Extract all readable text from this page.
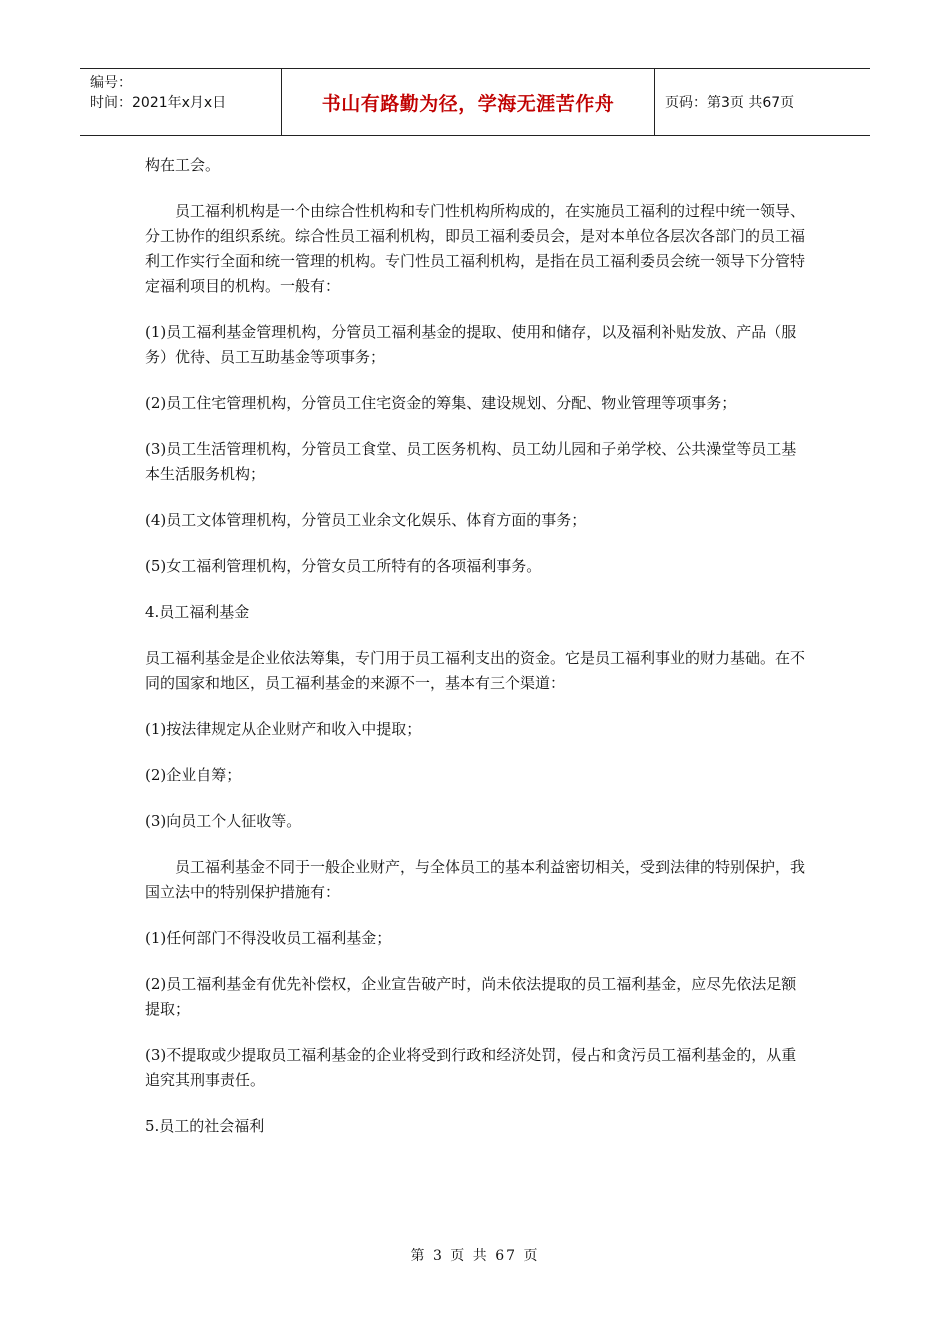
编号：
时间：2021年x月x日	书山有路勤为径，学海无涯苦作舟	页码：第3页 共67页

构在工会。

员工福利机构是一个由综合性机构和专门性机构所构成的，在实施员工福利的过程中统一领导、分工协作的组织系统。综合性员工福利机构，即员工福利委员会，是对本单位各层次各部门的员工福利工作实行全面和统一管理的机构。专门性员工福利机构，是指在员工福利委员会统一领导下分管特定福利项目的机构。一般有：

(1)员工福利基金管理机构，分管员工福利基金的提取、使用和储存，以及福利补贴发放、产品（服务）优待、员工互助基金等项事务；

(2)员工住宅管理机构，分管员工住宅资金的筹集、建设规划、分配、物业管理等项事务；

(3)员工生活管理机构，分管员工食堂、员工医务机构、员工幼儿园和子弟学校、公共澡堂等员工基本生活服务机构；

(4)员工文体管理机构，分管员工业余文化娱乐、体育方面的事务；

(5)女工福利管理机构，分管女员工所特有的各项福利事务。

4.员工福利基金

员工福利基金是企业依法筹集，专门用于员工福利支出的资金。它是员工福利事业的财力基础。在不同的国家和地区，员工福利基金的来源不一，基本有三个渠道：

(1)按法律规定从企业财产和收入中提取；

(2)企业自筹；

(3)向员工个人征收等。

员工福利基金不同于一般企业财产，与全体员工的基本利益密切相关，受到法律的特别保护，我国立法中的特别保护措施有：

(1)任何部门不得没收员工福利基金；

(2)员工福利基金有优先补偿权，企业宣告破产时，尚未依法提取的员工福利基金，应尽先依法足额提取；

(3)不提取或少提取员工福利基金的企业将受到行政和经济处罚，侵占和贪污员工福利基金的，从重追究其刑事责任。

5.员工的社会福利

第 3 页 共 67 页
